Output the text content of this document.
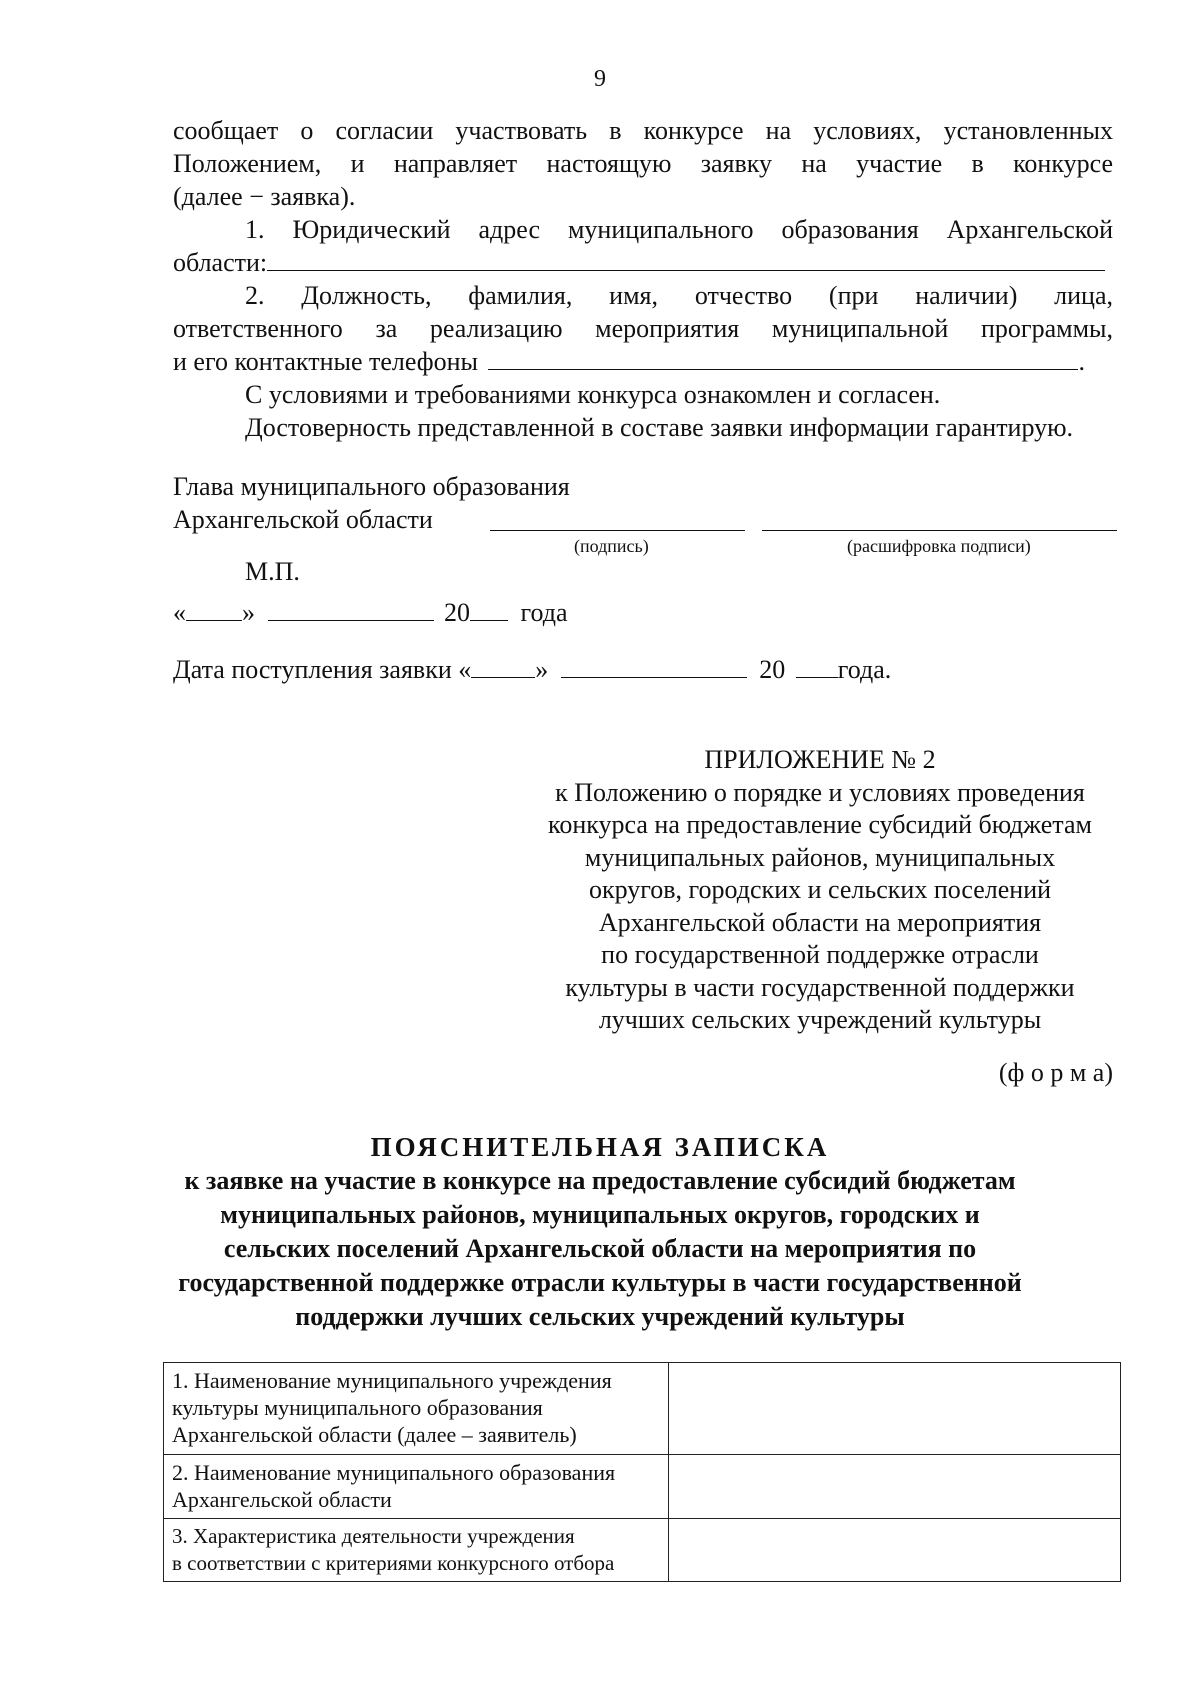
9
сообщает о согласии участвовать в конкурсе на условиях, установленных
Положением, и направляет настоящую заявку на участие в конкурсе
(далее − заявка).
1. Юридический адрес муниципального образования Архангельской
области:
2. Должность, фамилия, имя, отчество (при наличии) лица,
ответственного за реализацию мероприятия муниципальной программы,
и его контактные телефоны	.
С условиями и требованиями конкурса ознакомлен и согласен.
Достоверность представленной в составе заявки информации гарантирую.
Глава муниципального образования
Архангельской области
(подпись)	(расшифровка подписи)
М.П.
« »	20 года
Дата поступления заявки « »	20 года.
ПРИЛОЖЕНИЕ № 2
к Положению о порядке и условиях проведения
конкурса на предоставление субсидий бюджетам
муниципальных районов, муниципальных
округов, городских и сельских поселений
Архангельской области на мероприятия
по государственной поддержке отрасли
культуры в части государственной поддержки
лучших сельских учреждений культуры
(ф о р м а)
ПОЯСНИТЕЛЬНАЯ ЗАПИСКА
к заявке на участие в конкурсе на предоставление субсидий бюджетам
муниципальных районов, муниципальных округов, городских и
сельских поселений Архангельской области на мероприятия по
государственной поддержке отрасли культуры в части государственной
поддержки лучших сельских учреждений культуры
1. Наименование муниципального учреждения
культуры муниципального образования
Архангельской области (далее – заявитель)	

2. Наименование муниципального образования
Архангельской области	

3. Характеристика деятельности учреждения
в соответствии с критериями конкурсного отбора	
